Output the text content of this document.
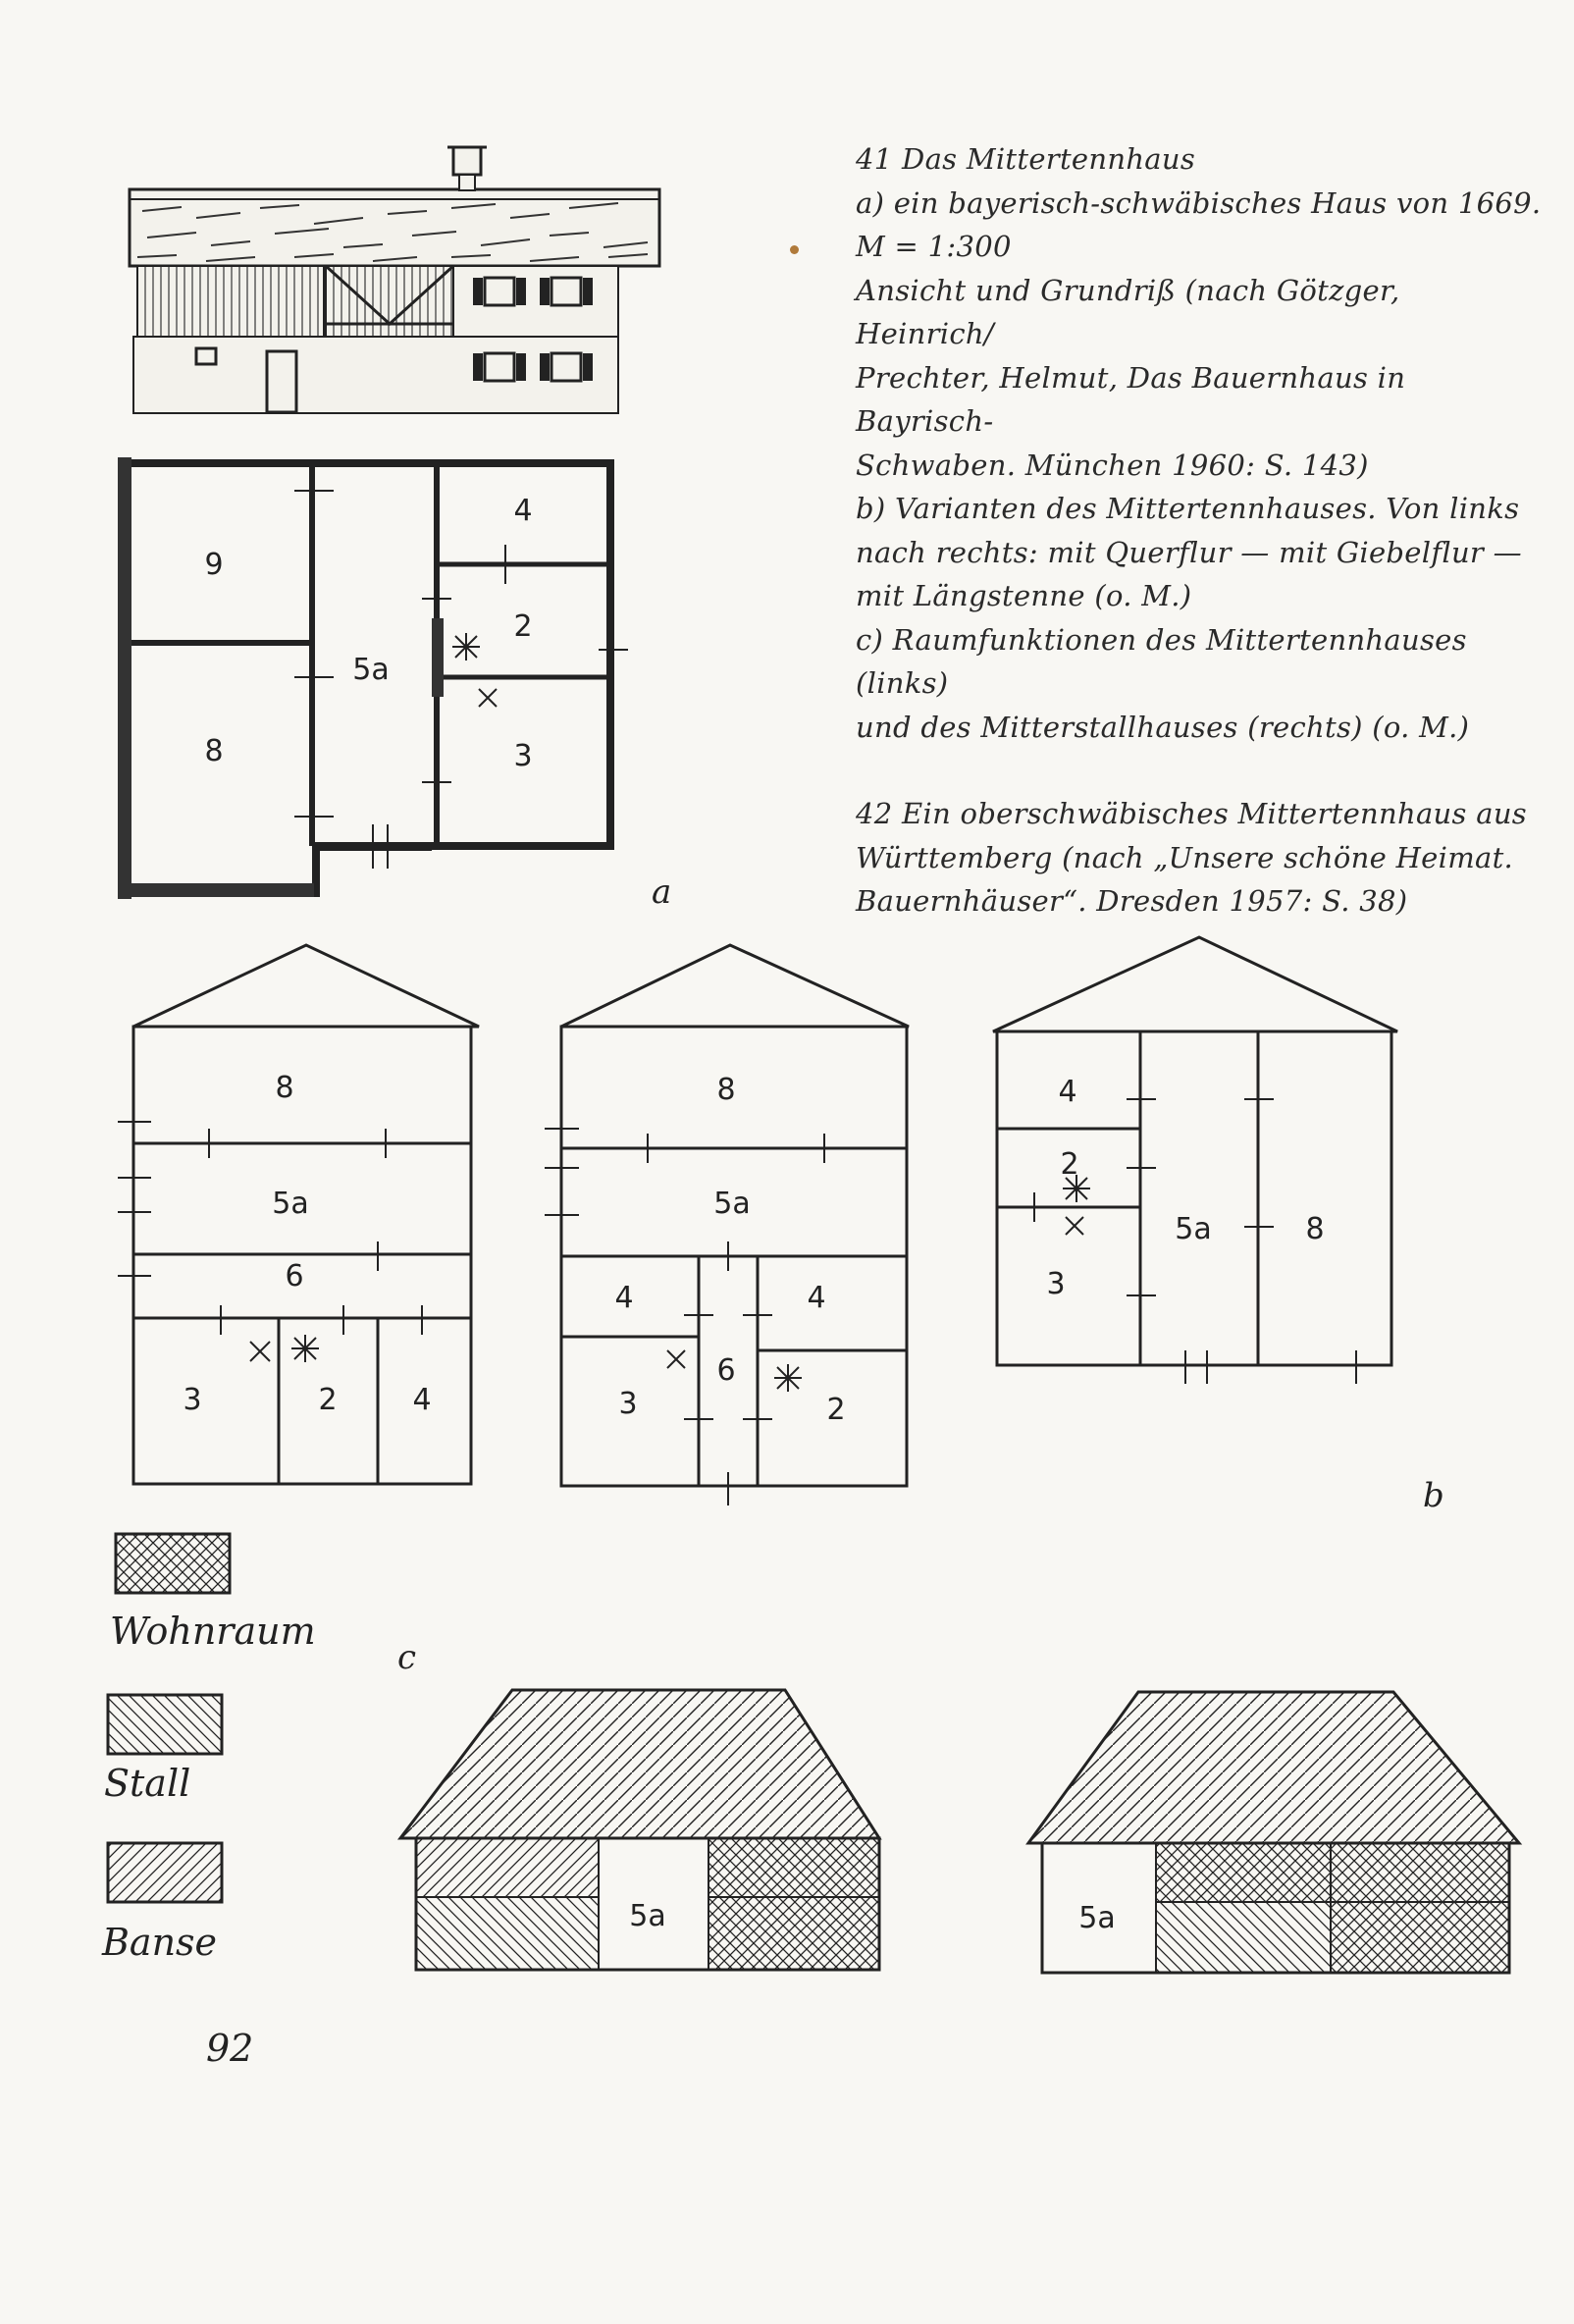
41 Das Mittertennhaus

a) ein bayerisch-schwäbisches Haus von 1669.

M = 1:300

Ansicht und Grundriß (nach Götzger, Heinrich/

Prechter, Helmut, Das Bauernhaus in Bayrisch-

Schwaben. München 1960: S. 143)

b) Varianten des Mittertennhauses. Von links

nach rechts: mit Querflur — mit Giebelflur —

mit Längstenne (o. M.)

c) Raumfunktionen des Mittertennhauses (links)

und des Mitterstallhauses (rechts) (o. M.)

42 Ein oberschwäbisches Mittertennhaus aus

Württemberg (nach „Unsere schöne Heimat.

Bauernhäuser“. Dresden 1957: S. 38)

9
8
5a
4
2
3
a
8
5a
6
3	2	4
8
5a
4	4
6
3	2
4
2
3
5a	8
b
c
5a	5a
Wohnraum
Stall
Banse
92
